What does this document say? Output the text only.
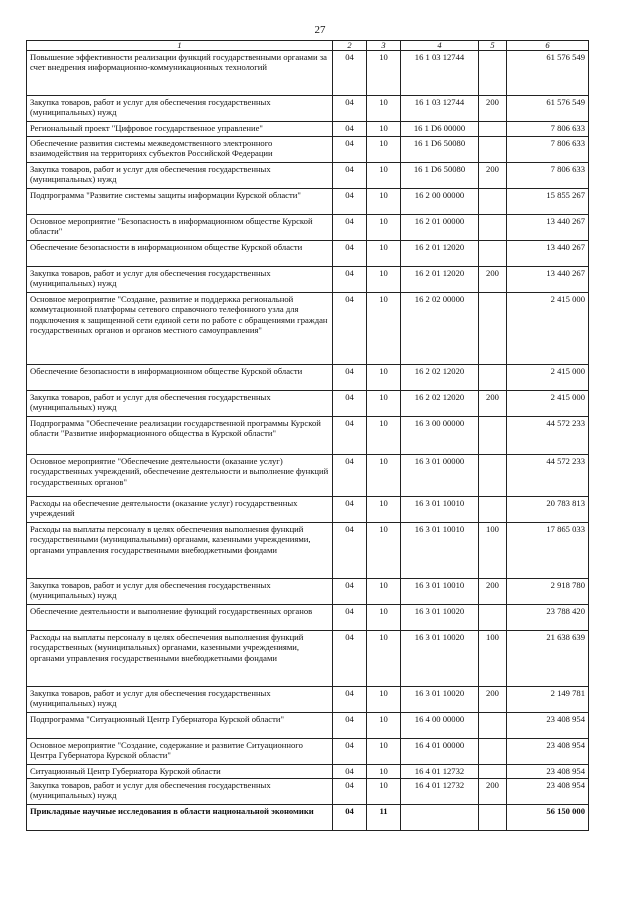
27
1	2	3	4	5	6
Повышение эффективности реализации функций государственными органами за счет внедрения информационно-коммуникационных технологий	04	10	16 1 03 12744		61 576 549
Закупка товаров, работ и услуг для обеспечения государственных (муниципальных) нужд	04	10	16 1 03 12744	200	61 576 549
Региональный проект "Цифровое государственное управление"	04	10	16 1 D6 00000		7 806 633
Обеспечение развития системы межведомственного электронного взаимодействия на территориях субъектов Российской Федерации	04	10	16 1 D6 50080		7 806 633
Закупка товаров, работ и услуг для обеспечения государственных (муниципальных) нужд	04	10	16 1 D6 50080	200	7 806 633
Подпрограмма "Развитие системы защиты информации Курской области"	04	10	16 2 00 00000		15 855 267
Основное мероприятие "Безопасность в информационном обществе Курской области"	04	10	16 2 01 00000		13 440 267
Обеспечение безопасности в информационном обществе Курской области	04	10	16 2 01 12020		13 440 267
Закупка товаров, работ и услуг для обеспечения государственных (муниципальных) нужд	04	10	16 2 01 12020	200	13 440 267
Основное мероприятие "Создание, развитие и поддержка региональной коммутационной платформы сетевого справочного телефонного узла для подключения к защищенной сети единой сети по работе с обращениями граждан государственных органов и органов местного самоуправления"	04	10	16 2 02 00000		2 415 000
Обеспечение безопасности в информационном обществе Курской области	04	10	16 2 02 12020		2 415 000
Закупка товаров, работ и услуг для обеспечения государственных (муниципальных) нужд	04	10	16 2 02 12020	200	2 415 000
Подпрограмма "Обеспечение реализации государственной программы Курской области "Развитие информационного общества в Курской области"	04	10	16 3 00 00000		44 572 233
Основное мероприятие "Обеспечение деятельности (оказание услуг) государственных учреждений, обеспечение деятельности и выполнение функций государственных органов"	04	10	16 3 01 00000		44 572 233
Расходы на обеспечение деятельности (оказание услуг) государственных учреждений	04	10	16 3 01 10010		20 783 813
Расходы на выплаты персоналу в целях обеспечения выполнения функций государственными (муниципальными) органами, казенными учреждениями, органами управления государственными внебюджетными фондами	04	10	16 3 01 10010	100	17 865 033
Закупка товаров, работ и услуг для обеспечения государственных (муниципальных) нужд	04	10	16 3 01 10010	200	2 918 780
Обеспечение деятельности и выполнение функций государственных органов	04	10	16 3 01 10020		23 788 420
Расходы на выплаты персоналу в целях обеспечения выполнения функций государственных (муниципальных) органами, казенными учреждениями, органами управления государственными внебюджетными фондами	04	10	16 3 01 10020	100	21 638 639
Закупка товаров, работ и услуг для обеспечения государственных (муниципальных) нужд	04	10	16 3 01 10020	200	2 149 781
Подпрограмма "Ситуационный Центр Губернатора Курской области"	04	10	16 4 00 00000		23 408 954
Основное мероприятие "Создание, содержание и развитие Ситуационного Центра Губернатора Курской области"	04	10	16 4 01 00000		23 408 954
Ситуационный Центр Губернатора Курской области	04	10	16 4 01 12732		23 408 954
Закупка товаров, работ и услуг для обеспечения государственных (муниципальных) нужд	04	10	16 4 01 12732	200	23 408 954
Прикладные научные исследования в области национальной экономики	04	11			56 150 000
